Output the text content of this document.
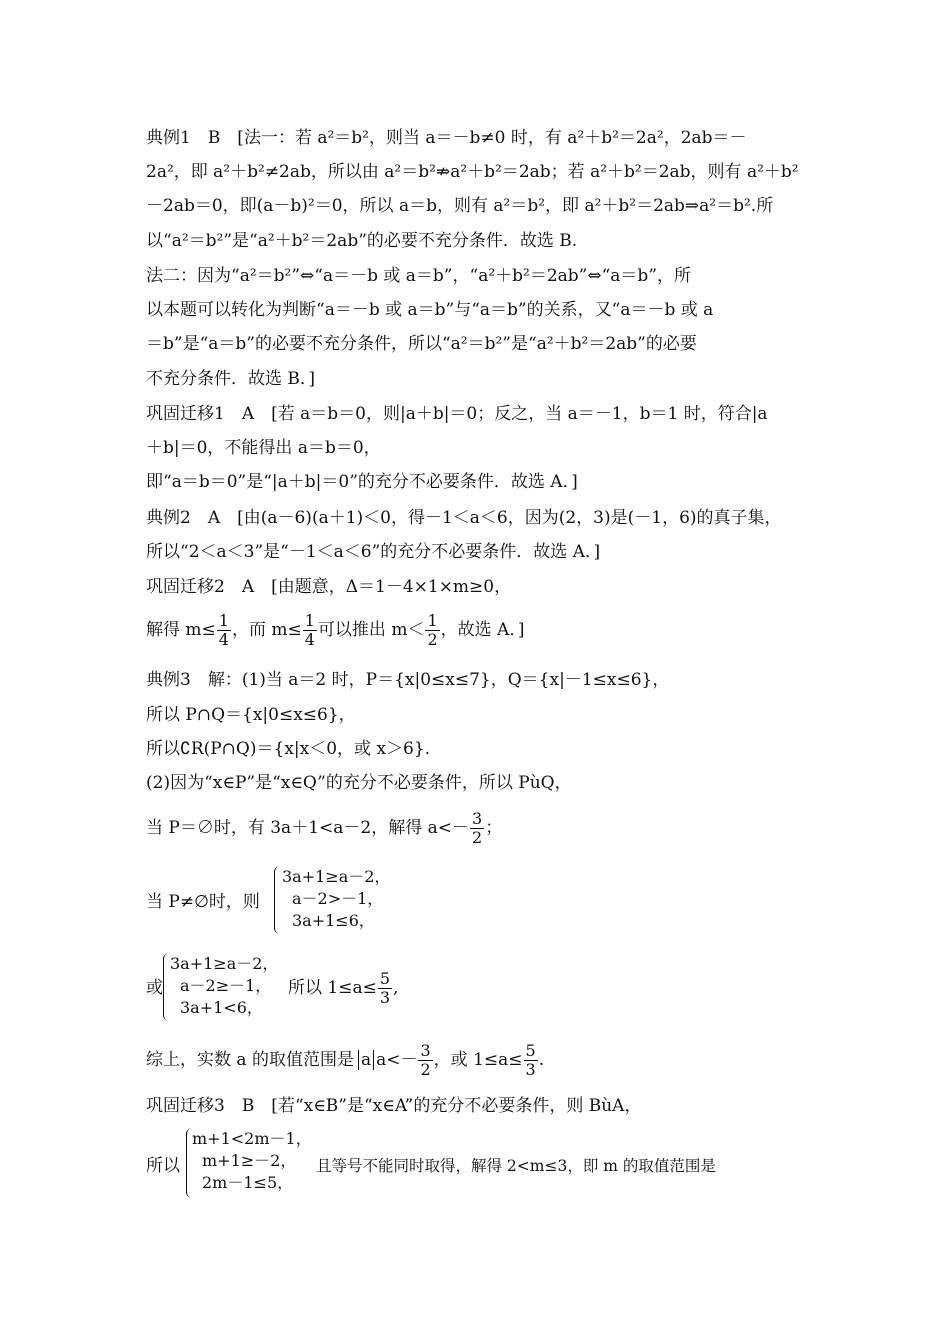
典例1　B　[法一：若 a²＝b²，则当 a＝－b≠0 时，有 a²＋b²＝2a²，2ab＝－
2a²，即 a²＋b²≠2ab，所以由 a²＝b²⇏a²＋b²＝2ab；若 a²＋b²＝2ab，则有 a²＋b²
－2ab＝0，即(a－b)²＝0，所以 a＝b，则有 a²＝b²，即 a²＋b²＝2ab⇒a²＝b².所
以“a²＝b²”是“a²＋b²＝2ab”的必要不充分条件．故选 B.
法二：因为“a²＝b²”⇔“a＝－b 或 a＝b”，“a²＋b²＝2ab”⇔“a＝b”，所
以本题可以转化为判断“a＝－b 或 a＝b”与“a＝b”的关系，又“a＝－b 或 a
＝b”是“a＝b”的必要不充分条件，所以“a²＝b²”是“a²＋b²＝2ab”的必要
不充分条件．故选 B．]
巩固迁移1　A　[若 a＝b＝0，则|a＋b|＝0；反之，当 a＝－1，b＝1 时，符合|a
＋b|＝0，不能得出 a＝b＝0，
即“a＝b＝0”是“|a＋b|＝0”的充分不必要条件．故选 A．]
典例2　A　[由(a－6)(a＋1)＜0，得－1＜a＜6，因为(2，3)是(－1，6)的真子集，
所以“2＜a＜3”是“－1＜a＜6”的充分不必要条件．故选 A．]
巩固迁移2　A　[由题意，Δ＝1－4×1×m≥0，
解得 $m\le \frac{1}{4}$ ，而 $m\le \frac{1}{4}$ 可以推出 $m< \frac{1}{2}$ ，故选 A．]
典例3　解：(1)当 a＝2 时，P＝{x|0≤x≤7}，Q＝{x|－1≤x≤6}，
所以 P∩Q＝{x|0≤x≤6}，
所以∁R(P∩Q)＝{x|x＜0，或 x＞6}.
(2)因为“x∈P”是“x∈Q”的充分不必要条件，所以 PùQ，
当 P＝∅时，有 3a＋1<a－2，解得 $a<- \frac{3}{2}$ ；
当 P≠∅时，则
3a+1≥a－2，
a－2>－1，
3a+1≤6，
或
3a+1≥a－2，
a－2≥－1，
3a+1<6，
所以 $1\le a\le \frac{5}{3}$ ,
综上，实数 a 的取值范围是 a $a<- \frac{3}{2}$ ，或 $1\le a\le \frac{5}{3}$ .
巩固迁移3　B　[若“x∈B”是“x∈A”的充分不必要条件，则 BùA，
所以
m+1<2m－1，
m+1≥－2，
2m－1≤5，
且等号不能同时取得，解得 2<m≤3，即 m 的取值范围是
